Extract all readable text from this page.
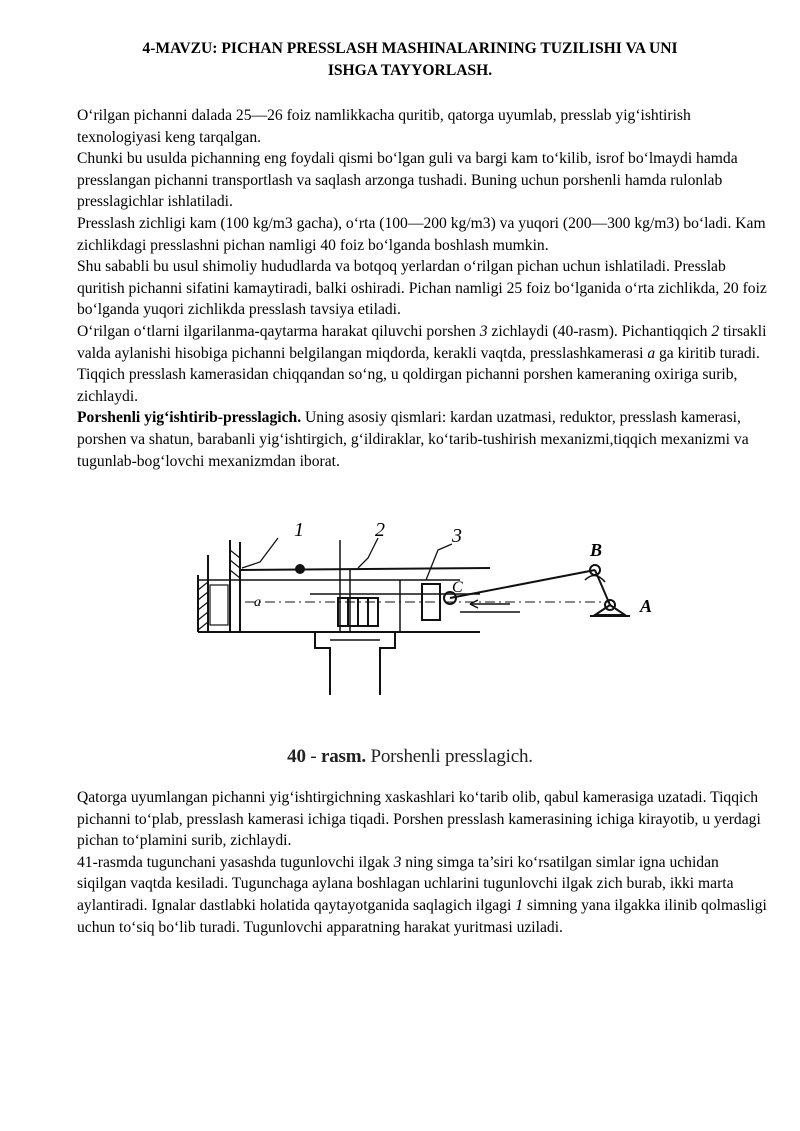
4-MAVZU: PICHAN PRESSLASH MASHINALARINING TUZILISHI VA UNI
ISHGA TAYYORLASH.

O‘rilgan pichanni dalada 25—26 foiz namlikkacha quritib, qatorga uyumlab, presslab yig‘ishtirish texnologiyasi keng tarqalgan.

Chunki bu usulda pichanning eng foydali qismi bo‘lgan guli va bargi kam to‘kilib, isrof bo‘lmaydi hamda presslangan pichanni transportlash va saqlash arzonga tushadi. Buning uchun porshenli hamda rulonlab presslagichlar ishlatiladi.

Presslash zichligi kam (100 kg/m3 gacha), o‘rta (100—200 kg/m3) va yuqori (200—300 kg/m3) bo‘ladi. Kam zichlikdagi presslashni pichan namligi 40 foiz bo‘lganda boshlash mumkin.

Shu sababli bu usul shimoliy hududlarda va botqoq yerlardan o‘rilgan pichan uchun ishlatiladi. Presslab quritish pichanni sifatini kamaytiradi, balki oshiradi. Pichan namligi 25 foiz bo‘lganida o‘rta zichlikda, 20 foiz bo‘lganda yuqori zichlikda presslash tavsiya etiladi.

O‘rilgan o‘tlarni ilgarilanma-qaytarma harakat qiluvchi porshen 3 zichlaydi (40-rasm). Pichantiqqich 2 tirsakli valda aylanishi hisobiga pichanni belgilangan miqdorda, kerakli vaqtda, presslashkamerasi a ga kiritib turadi. Tiqqich presslash kamerasidan chiqqandan so‘ng, u qoldirgan pichanni porshen kameraning oxiriga surib, zichlaydi.

Porshenli yig‘ishtirib-presslagich. Uning asosiy qismlari: kardan uzatmasi, reduktor, presslash kamerasi, porshen va shatun, barabanli yig‘ishtirgich, g‘ildiraklar, ko‘tarib-tushirish mexanizmi,tiqqich mexanizmi va tugunlab-bog‘lovchi mexanizmdan iborat.

1	2	3
B
A
C
a
40 - rasm. Porshenli presslagich.

Qatorga uyumlangan pichanni yig‘ishtirgichning xaskashlari ko‘tarib olib, qabul kamerasiga uzatadi. Tiqqich pichanni to‘plab, presslash kamerasi ichiga tiqadi. Porshen presslash kamerasining ichiga kirayotib, u yerdagi pichan to‘plamini surib, zichlaydi.

41-rasmda tugunchani yasashda tugunlovchi ilgak 3 ning simga ta’siri ko‘rsatilgan simlar igna uchidan siqilgan vaqtda kesiladi. Tugunchaga aylana boshlagan uchlarini tugunlovchi ilgak zich burab, ikki marta aylantiradi. Ignalar dastlabki holatida qaytayotganida saqlagich ilgagi 1 simning yana ilgakka ilinib qolmasligi uchun to‘siq bo‘lib turadi. Tugunlovchi apparatning harakat yuritmasi uziladi.
